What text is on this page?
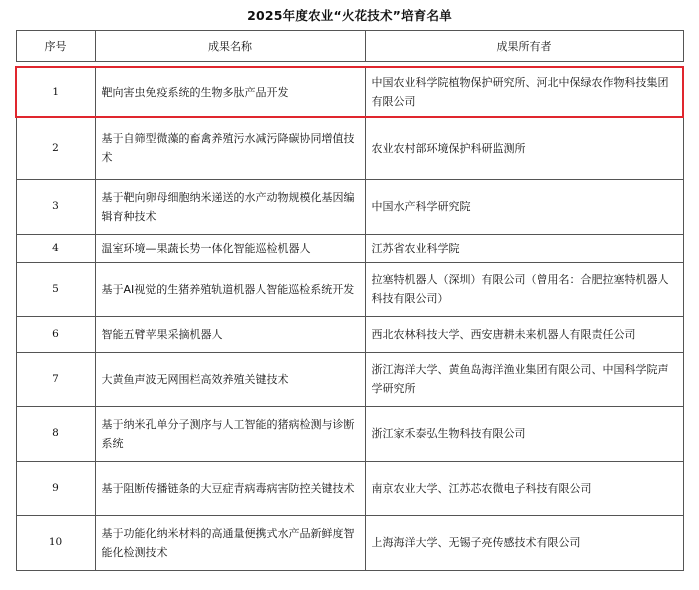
2025年度农业“火花技术”培育名单
序号	成果名称	成果所有者

1	靶向害虫免疫系统的生物多肽产品开发	中国农业科学院植物保护研究所、河北中保绿农作物科技集团有限公司
2	基于自筛型微藻的畜禽养殖污水减污降碳协同增值技术	农业农村部环境保护科研监测所
3	基于靶向卵母细胞纳米递送的水产动物规模化基因编辑育种技术	中国水产科学研究院
4	温室环境—果蔬长势一体化智能巡检机器人	江苏省农业科学院
5	基于AI视觉的生猪养殖轨道机器人智能巡检系统开发	拉塞特机器人（深圳）有限公司（曾用名：合肥拉塞特机器人科技有限公司）
6	智能五臂苹果采摘机器人	西北农林科技大学、西安唐耕未来机器人有限责任公司
7	大黄鱼声波无网围栏高效养殖关键技术	浙江海洋大学、黄鱼岛海洋渔业集团有限公司、中国科学院声学研究所
8	基于纳米孔单分子测序与人工智能的猪病检测与诊断系统	浙江家禾泰弘生物科技有限公司
9	基于阻断传播链条的大豆症青病毒病害防控关键技术	南京农业大学、江苏芯农微电子科技有限公司
10	基于功能化纳米材料的高通量便携式水产品新鲜度智能化检测技术	上海海洋大学、无锡子亮传感技术有限公司
